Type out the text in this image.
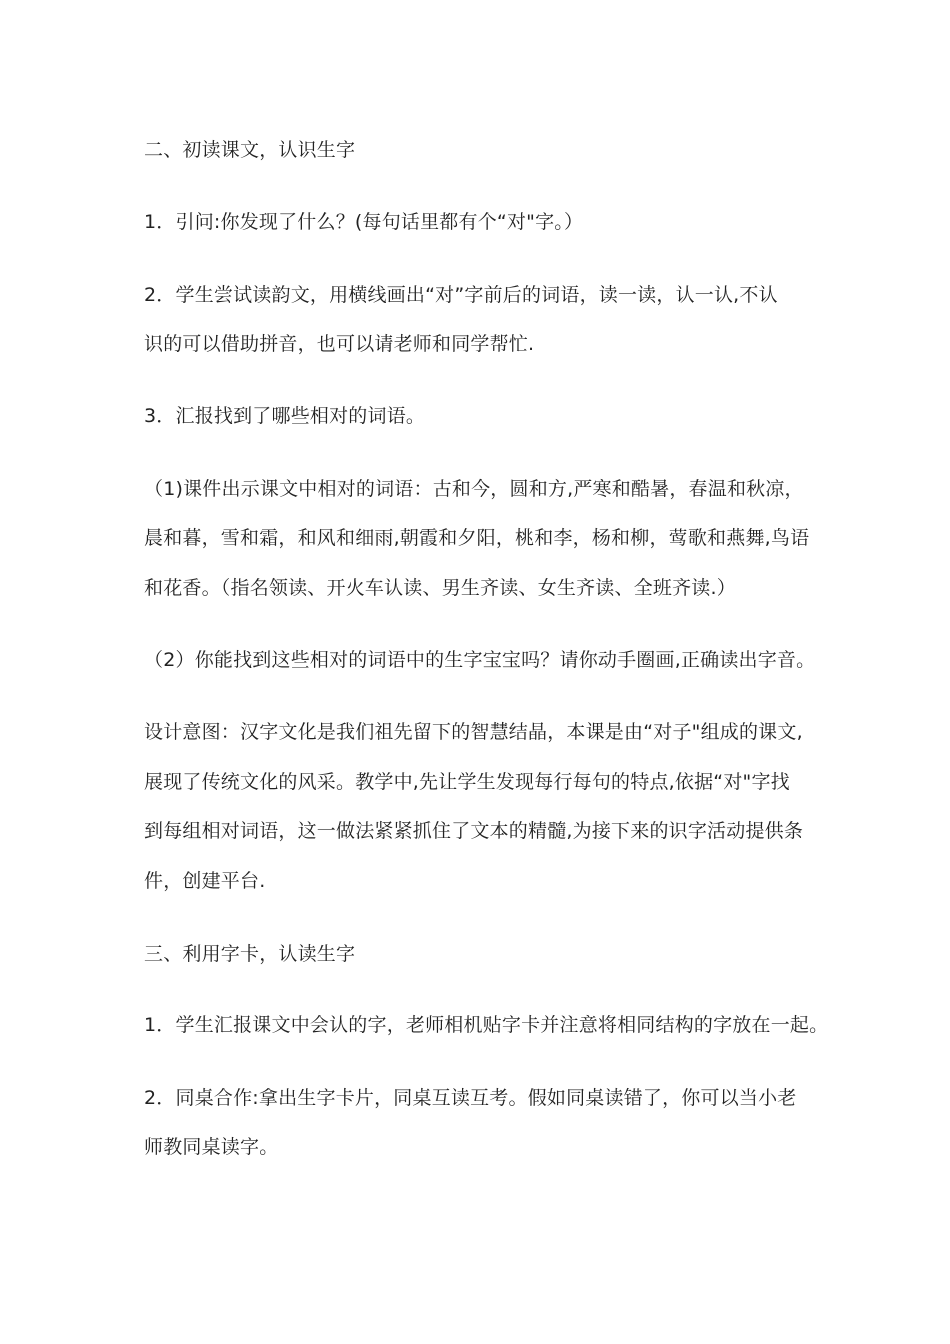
二、初读课文，认识生字
1．引问:你发现了什么？(每句话里都有个“对"字。）
2．学生尝试读韵文，用横线画出“对”字前后的词语，读一读，认一认,不认
识的可以借助拼音，也可以请老师和同学帮忙.
3．汇报找到了哪些相对的词语。
（1)课件出示课文中相对的词语：古和今，圆和方,严寒和酷暑，春温和秋凉，
晨和暮，雪和霜，和风和细雨,朝霞和夕阳，桃和李，杨和柳，莺歌和燕舞,鸟语
和花香。（指名领读、开火车认读、男生齐读、女生齐读、全班齐读.）
（2）你能找到这些相对的词语中的生字宝宝吗？请你动手圈画,正确读出字音。
设计意图：汉字文化是我们祖先留下的智慧结晶，本课是由“对子"组成的课文,
展现了传统文化的风采。教学中,先让学生发现每行每句的特点,依据“对"字找
到每组相对词语，这一做法紧紧抓住了文本的精髓,为接下来的识字活动提供条
件，创建平台.
三、利用字卡，认读生字
1．学生汇报课文中会认的字，老师相机贴字卡并注意将相同结构的字放在一起。
2．同桌合作:拿出生字卡片，同桌互读互考。假如同桌读错了，你可以当小老
师教同桌读字。
